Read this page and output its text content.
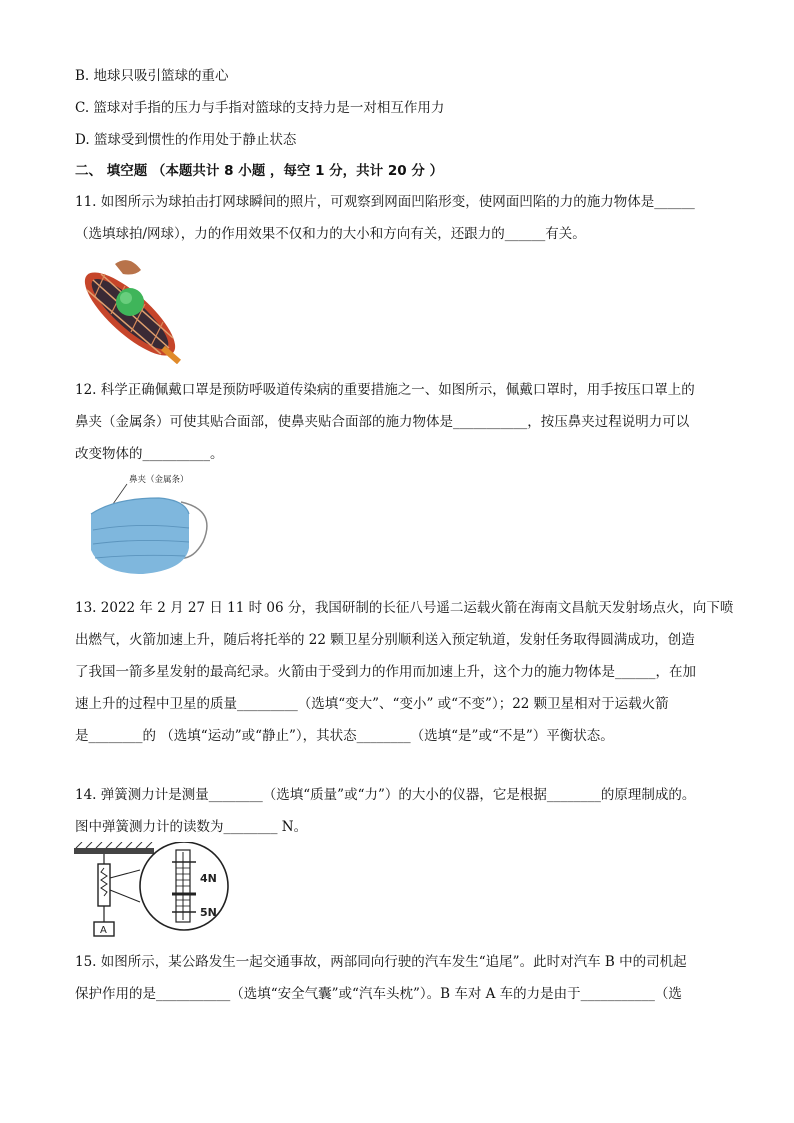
B. 地球只吸引篮球的重心
C. 篮球对手指的压力与手指对篮球的支持力是一对相互作用力
D. 篮球受到惯性的作用处于静止状态
二、 填空题 （本题共计 8 小题 ，每空 1 分，共计 20 分 ）
11. 如图所示为球拍击打网球瞬间的照片，可观察到网面凹陷形变，使网面凹陷的力的施力物体是______
（选填球拍/网球），力的作用效果不仅和力的大小和方向有关，还跟力的______有关。
12. 科学正确佩戴口罩是预防呼吸道传染病的重要措施之一、如图所示，佩戴口罩时，用手按压口罩上的
鼻夹（金属条）可使其贴合面部，使鼻夹贴合面部的施力物体是___________，按压鼻夹过程说明力可以
改变物体的__________。
鼻夹（金属条）
13. 2022 年 2 月 27 日 11 时 06 分，我国研制的长征八号遥二运载火箭在海南文昌航天发射场点火，向下喷
出燃气，火箭加速上升，随后将托举的 22 颗卫星分别顺利送入预定轨道，发射任务取得圆满成功，创造
了我国一箭多星发射的最高纪录。火箭由于受到力的作用而加速上升，这个力的施力物体是______，在加
速上升的过程中卫星的质量_________（选填“变大”、“变小” 或“不变”）；22 颗卫星相对于运载火箭
是________的 （选填“运动”或“静止”），其状态________（选填“是”或“不是”）平衡状态。
14. 弹簧测力计是测量________（选填“质量”或“力”）的大小的仪器，它是根据________的原理制成的。
图中弹簧测力计的读数为________ N。
A
4N
5N
15. 如图所示，某公路发生一起交通事故，两部同向行驶的汽车发生“追尾”。此时对汽车 B 中的司机起
保护作用的是___________（选填“安全气囊”或“汽车头枕”）。B 车对 A 车的力是由于___________（选
